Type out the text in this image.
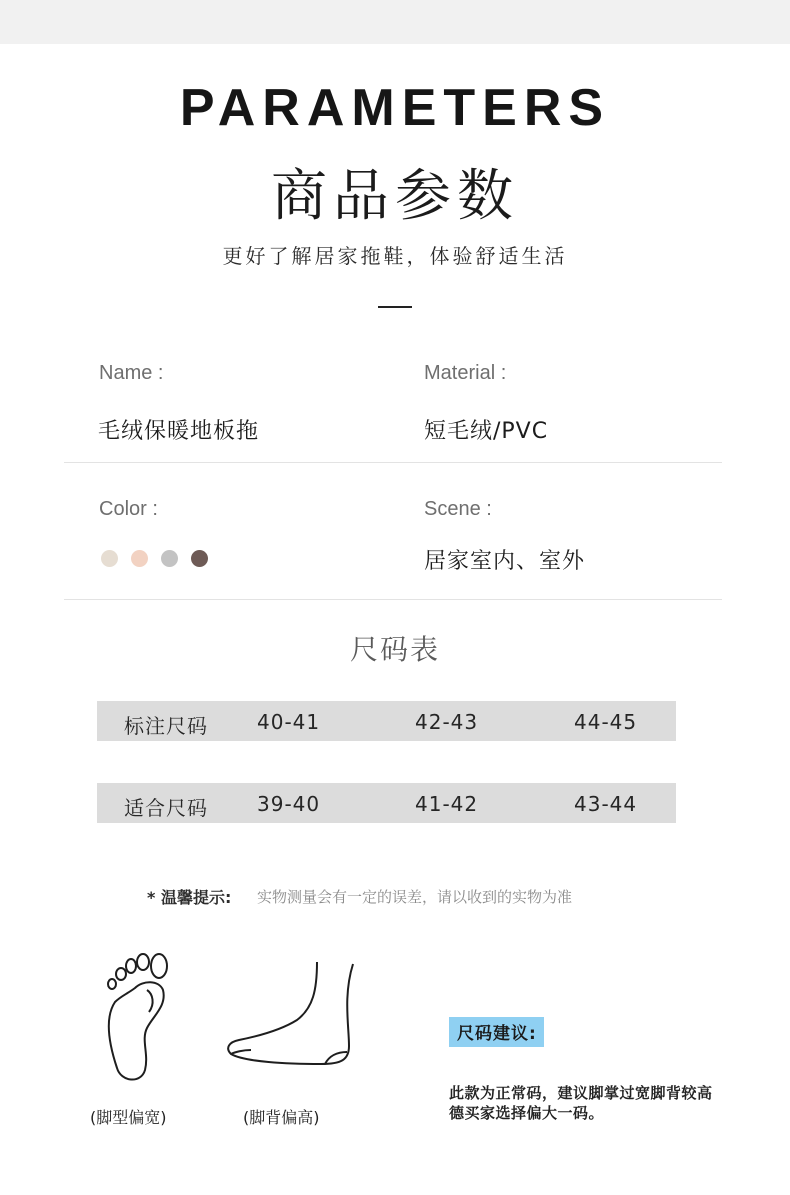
PARAMETERS
商品参数
更好了解居家拖鞋，体验舒适生活
Name :
毛绒保暖地板拖
Material :
短毛绒/PVC
Color :	Scene :
居家室内、室外
尺码表
标注尺码 40-41	42-43	44-45
适合尺码 39-40	41-42	43-44
* 温馨提示: 实物测量会有一定的误差，请以收到的实物为准
(脚型偏宽)	(脚背偏高)
尺码建议:
此款为正常码，建议脚掌过宽脚背较高德买家选择偏大一码。
